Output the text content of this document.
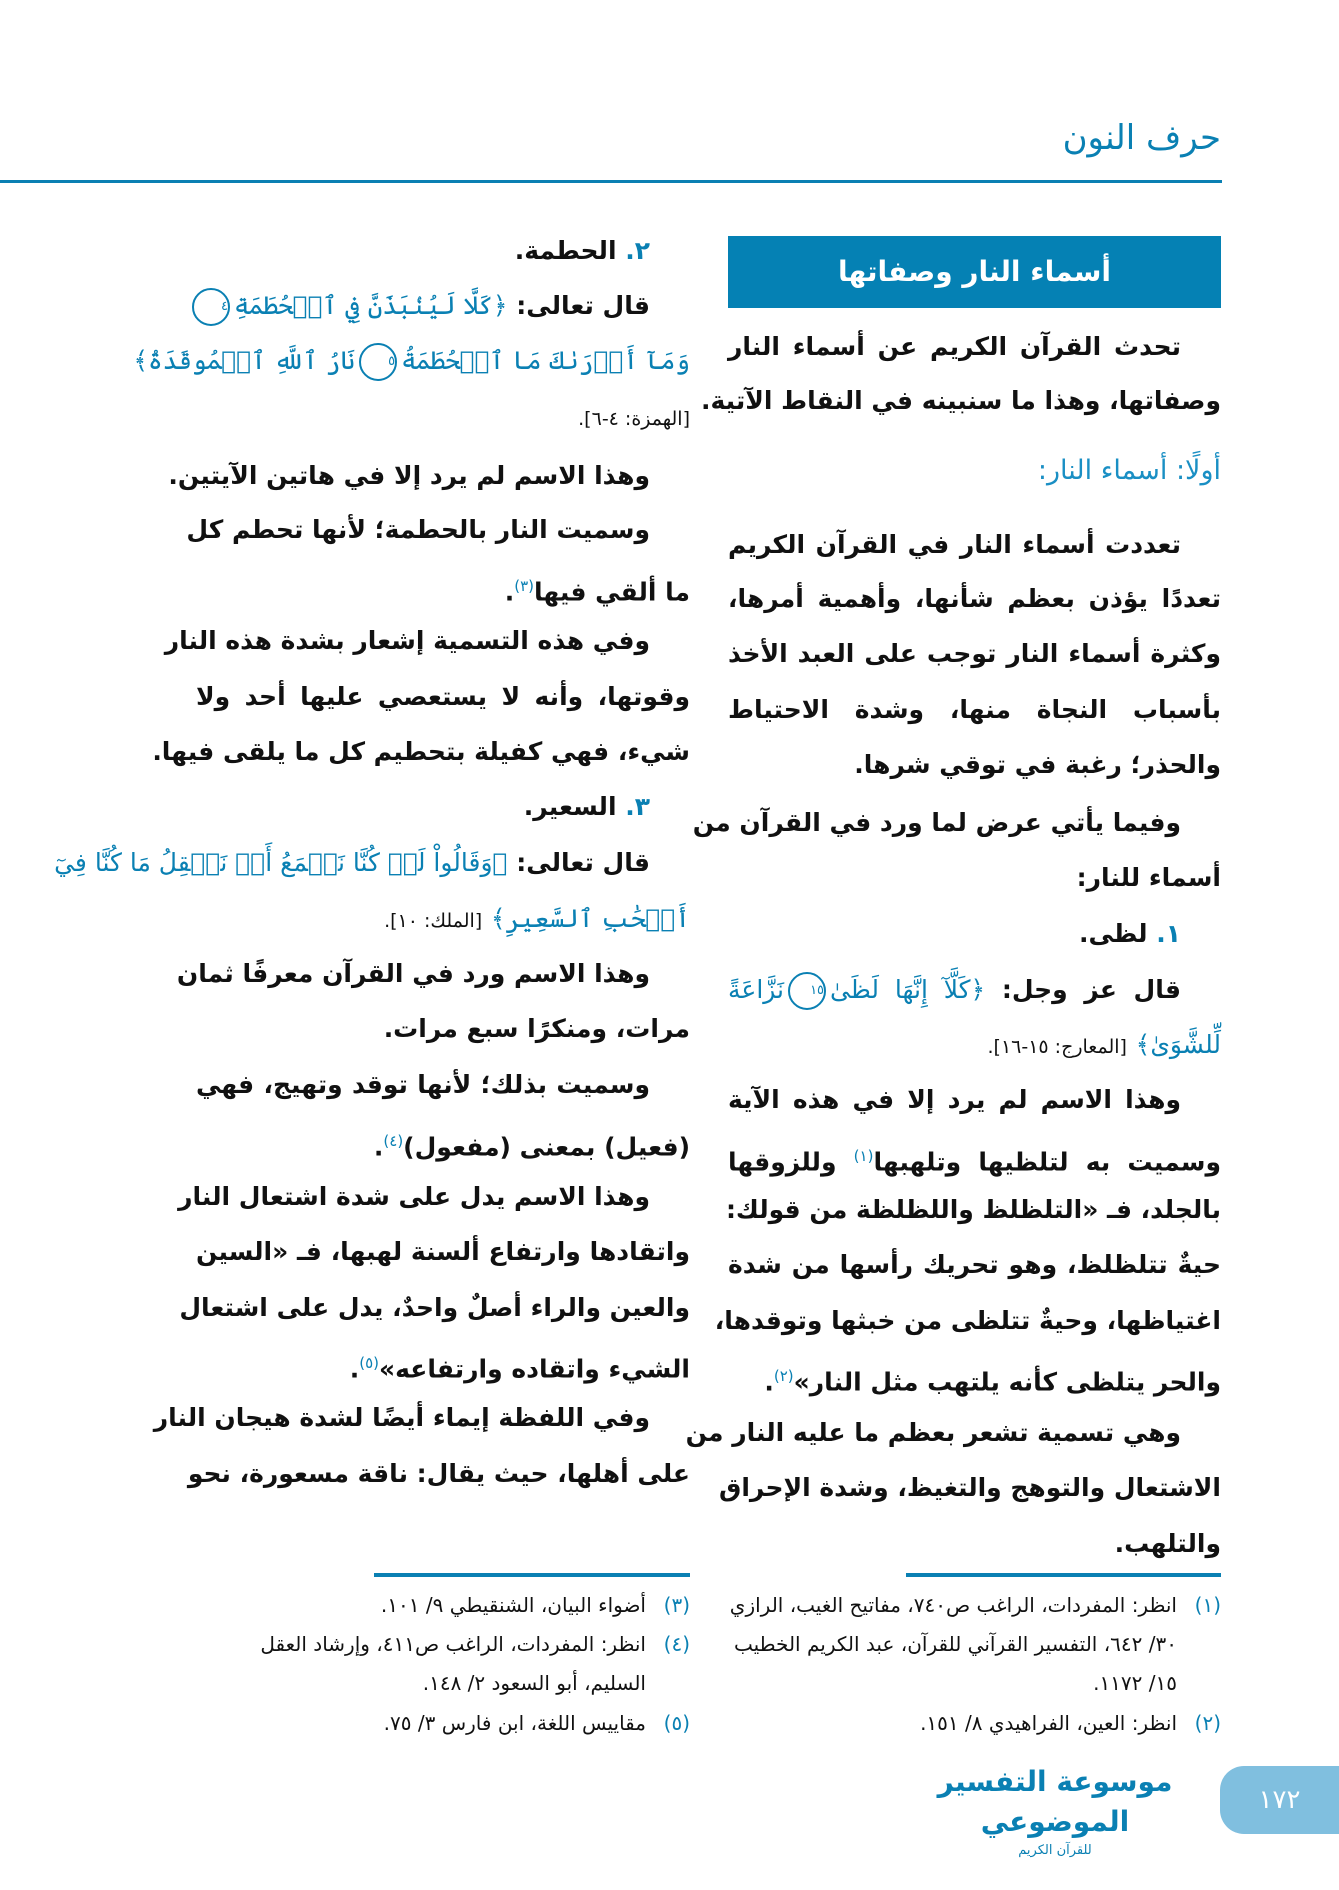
حرف النون
أسماء النار وصفاتها
تحدث القرآن الكريم عن أسماء النار
وصفاتها، وهذا ما سنبينه في النقاط الآتية.
أولًا: أسماء النار:
تعددت أسماء النار في القرآن الكريم
تعددًا يؤذن بعظم شأنها، وأهمية أمرها،
وكثرة أسماء النار توجب على العبد الأخذ
بأسباب النجاة منها، وشدة الاحتياط
والحذر؛ رغبة في توقي شرها.
وفيما يأتي عرض لما ورد في القرآن من
أسماء للنار:
١. لظى.
قال عز وجل: ﴿كَلَّآ إِنَّهَا لَظَىٰ١٥نَزَّاعَةً
لِّلشَّوَىٰ﴾ [المعارج: ١٥-١٦].
وهذا الاسم لم يرد إلا في هذه الآية
وسميت به لتلظيها وتلهبها$^{(١)}$ وللزوقها
بالجلد، فـ «التلظلظ واللظلظة من قولك:
حيةٌ تتلظلظ، وهو تحريك رأسها من شدة
اغتياظها، وحيةٌ تتلظى من خبثها وتوقدها،
والحر يتلظى كأنه يلتهب مثل النار»$^{(٢)}$.
وهي تسمية تشعر بعظم ما عليه النار من
الاشتعال والتوهج والتغيظ، وشدة الإحراق
والتلهب.
(١)
انظر: المفردات، الراغب ص٧٤٠، مفاتيح الغيب، الرازي ٣٠/ ٦٤٢، التفسير القرآني للقرآن، عبد الكريم الخطيب ١٥/ ١١٧٢.
(٢)
انظر: العين، الفراهيدي ٨/ ١٥١.
٢. الحطمة.
قال تعالى: ﴿كَلَّا لَيُنۢبَذَنَّ فِي ٱلۡحُطَمَةِ٤
وَمَآ أَدۡرَىٰكَ مَا ٱلۡحُطَمَةُ٥نَارُ ٱللَّهِ ٱلۡمُوقَدَةُ﴾
[الهمزة: ٤-٦].
وهذا الاسم لم يرد إلا في هاتين الآيتين.
وسميت النار بالحطمة؛ لأنها تحطم كل
ما ألقي فيها$^{(٣)}$.
وفي هذه التسمية إشعار بشدة هذه النار
وقوتها، وأنه لا يستعصي عليها أحد ولا
شيء، فهي كفيلة بتحطيم كل ما يلقى فيها.
٣. السعير.
قال تعالى: ﴿وَقَالُواْ لَوۡ كُنَّا نَسۡمَعُ أَوۡ نَعۡقِلُ مَا كُنَّا فِيٓ
أَصۡحَٰبِ ٱلسَّعِيرِ﴾ [الملك: ١٠].
وهذا الاسم ورد في القرآن معرفًا ثمان
مرات، ومنكرًا سبع مرات.
وسميت بذلك؛ لأنها توقد وتهيج، فهي
(فعيل) بمعنى (مفعول)$^{(٤)}$.
وهذا الاسم يدل على شدة اشتعال النار
واتقادها وارتفاع ألسنة لهبها، فـ «السين
والعين والراء أصلٌ واحدٌ، يدل على اشتعال
الشيء واتقاده وارتفاعه»$^{(٥)}$.
وفي اللفظة إيماء أيضًا لشدة هيجان النار
على أهلها، حيث يقال: ناقة مسعورة، نحو
(٣)
أضواء البيان، الشنقيطي ٩/ ١٠١.
(٤)
انظر: المفردات، الراغب ص٤١١، وإرشاد العقل السليم، أبو السعود ٢/ ١٤٨.
(٥)
مقاييس اللغة، ابن فارس ٣/ ٧٥.
موسوعة التفسير الموضوعي
للقرآن الكريم
١٧٢
